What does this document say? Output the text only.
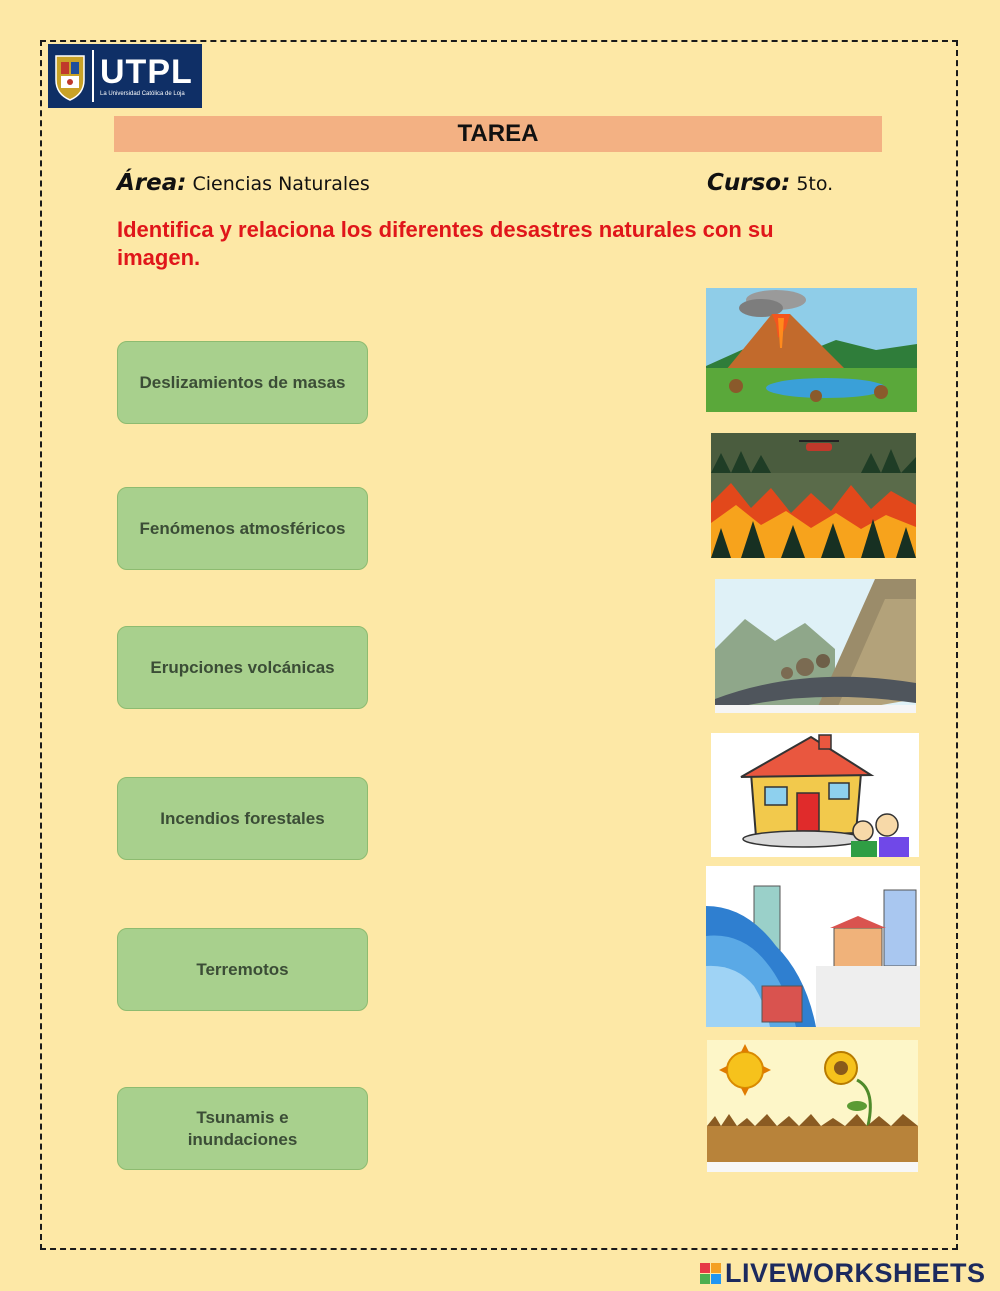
UTPL
La Universidad Católica de Loja
TAREA
Área: Ciencias Naturales	Curso: 5to.
Identifica y relaciona los diferentes desastres naturales con su imagen.
Deslizamientos de masas
Fenómenos atmosféricos
Erupciones volcánicas
Incendios forestales
Terremotos
Tsunamis e
inundaciones
LIVEWORKSHEETS
